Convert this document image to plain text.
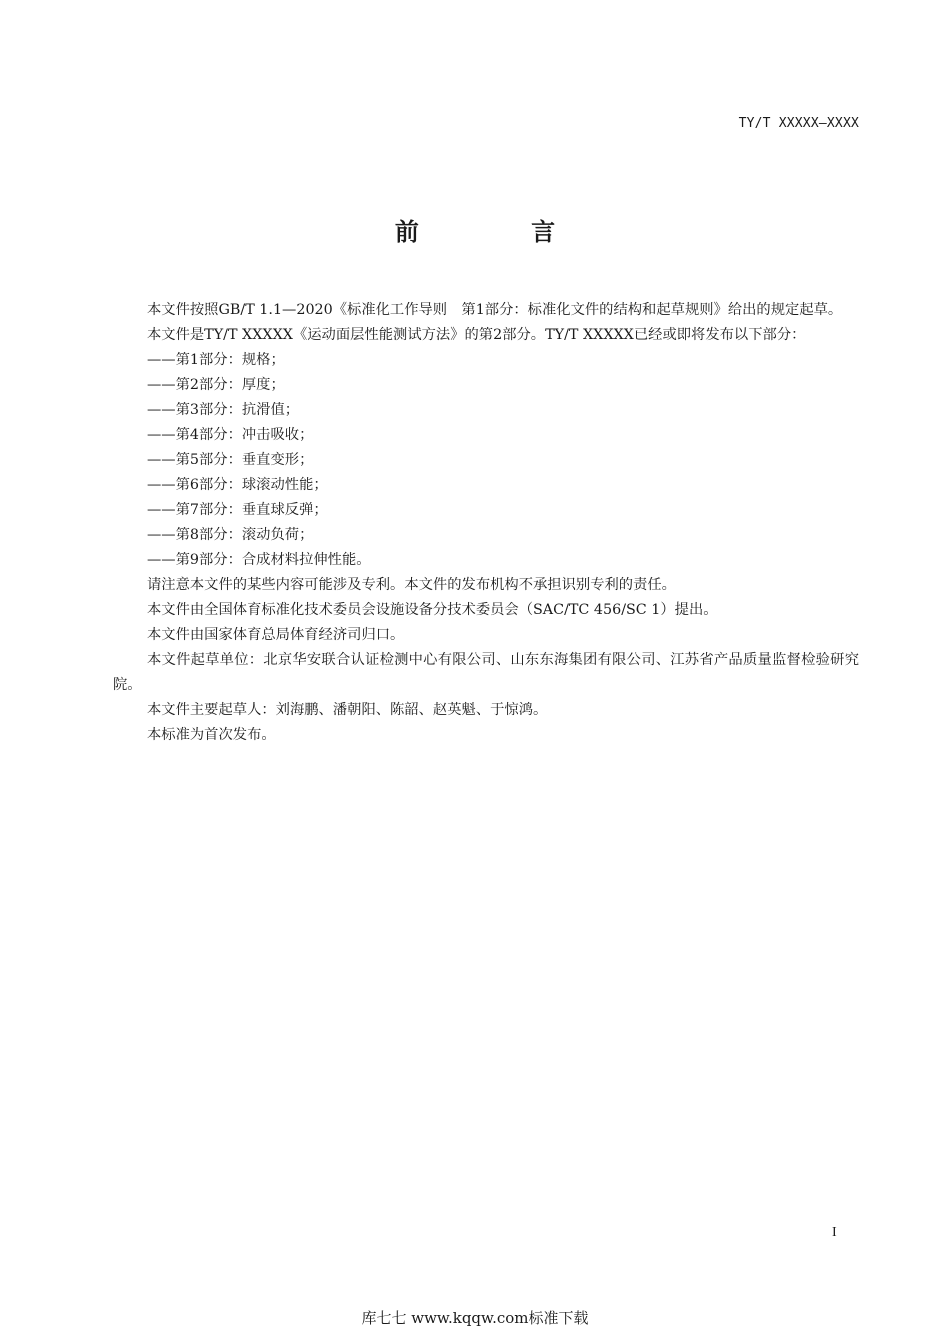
TY/T XXXXX—XXXX
前 言

本文件按照GB/T 1.1—2020《标准化工作导则　第1部分：标准化文件的结构和起草规则》给出的规定起草。

本文件是TY/T XXXXX《运动面层性能测试方法》的第2部分。TY/T XXXXX已经或即将发布以下部分：

——第1部分：规格；

——第2部分：厚度；

——第3部分：抗滑值；

——第4部分：冲击吸收；

——第5部分：垂直变形；

——第6部分：球滚动性能；

——第7部分：垂直球反弹；

——第8部分：滚动负荷；

——第9部分：合成材料拉伸性能。

请注意本文件的某些内容可能涉及专利。本文件的发布机构不承担识别专利的责任。

本文件由全国体育标准化技术委员会设施设备分技术委员会（SAC/TC 456/SC 1）提出。

本文件由国家体育总局体育经济司归口。

本文件起草单位：北京华安联合认证检测中心有限公司、山东东海集团有限公司、江苏省产品质量监督检验研究院。

本文件主要起草人：刘海鹏、潘朝阳、陈韶、赵英魁、于惊鸿。

本标准为首次发布。

I
库七七 www.kqqw.com标准下载
